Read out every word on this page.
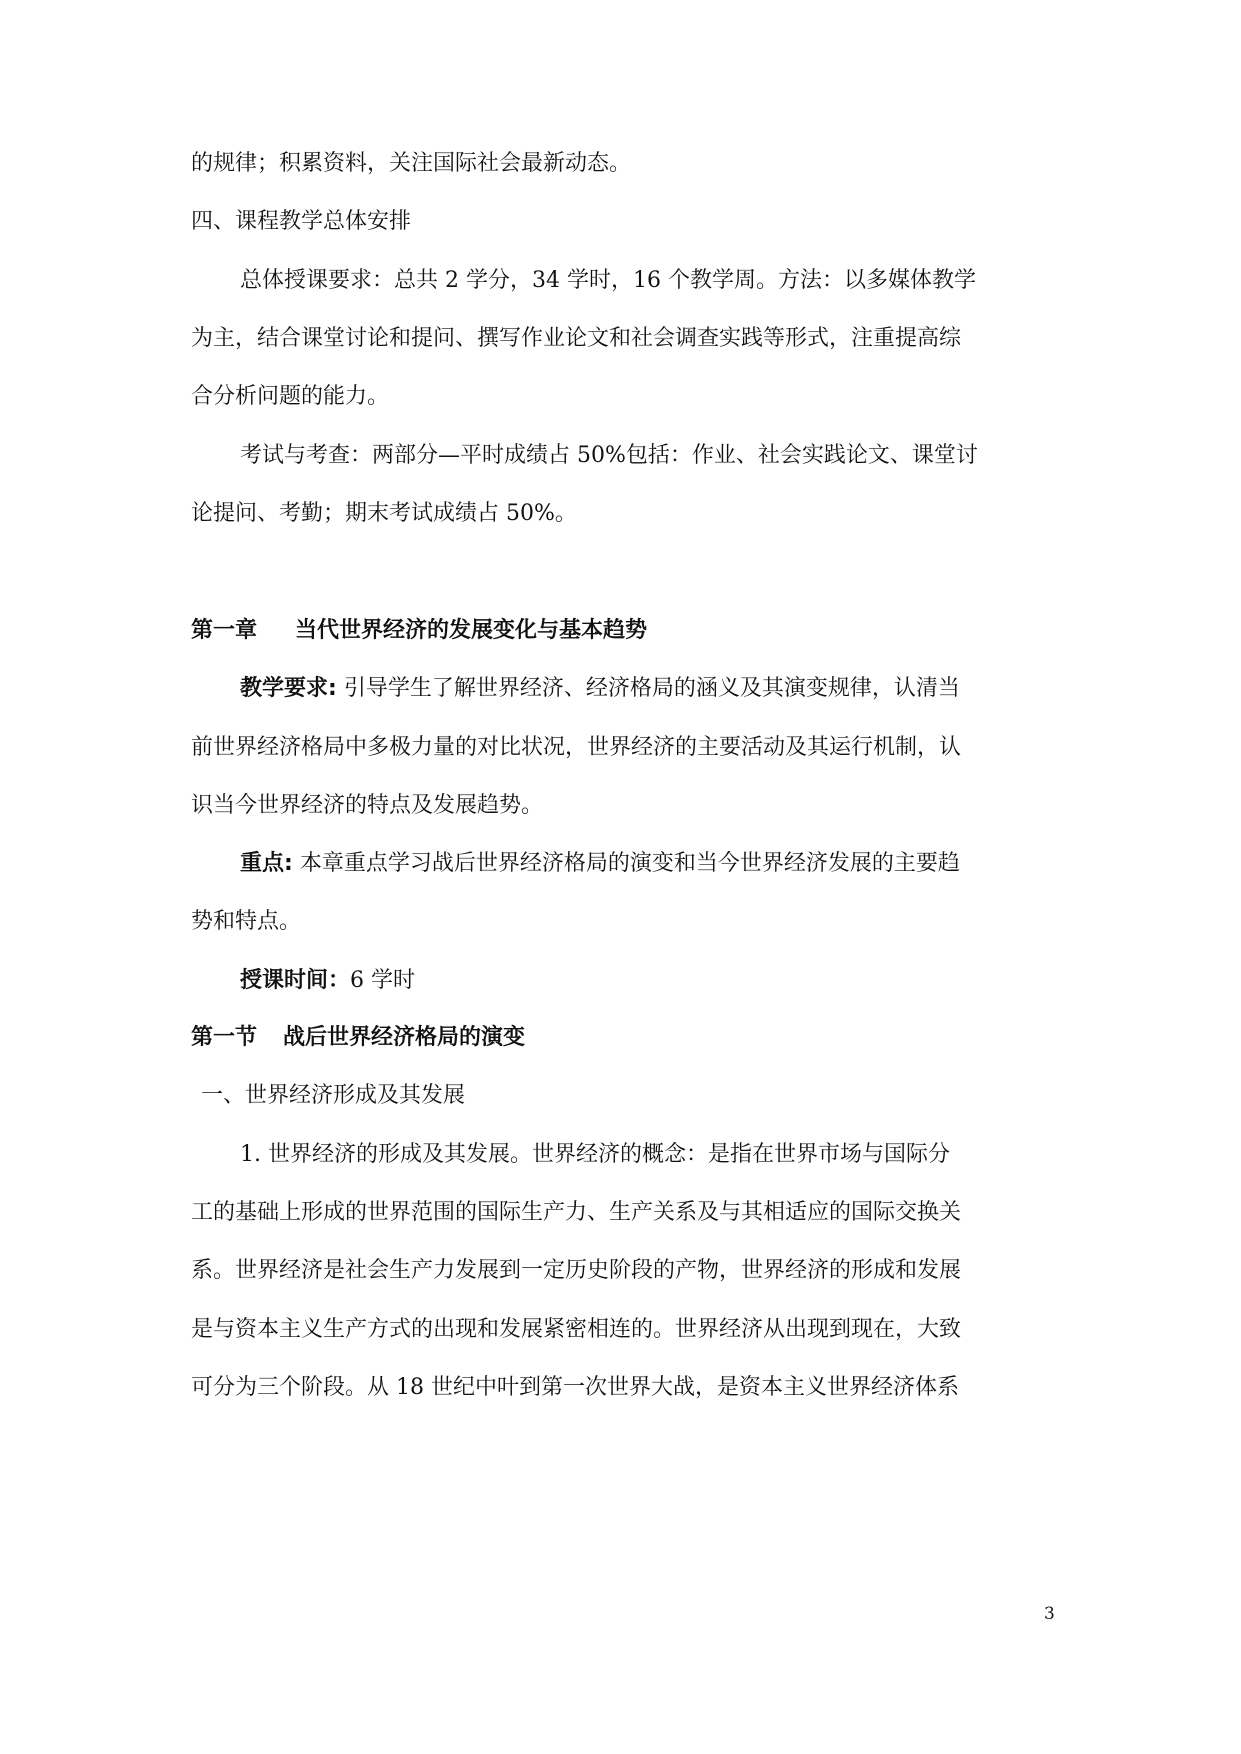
的规律；积累资料，关注国际社会最新动态。
四、课程教学总体安排
总体授课要求：总共 2 学分，34 学时，16 个教学周。方法：以多媒体教学
为主，结合课堂讨论和提问、撰写作业论文和社会调查实践等形式，注重提高综
合分析问题的能力。
考试与考查：两部分—平时成绩占 50%包括：作业、社会实践论文、课堂讨
论提问、考勤；期末考试成绩占 50%。
第一章 当代世界经济的发展变化与基本趋势
教学要求: 引导学生了解世界经济、经济格局的涵义及其演变规律，认清当
前世界经济格局中多极力量的对比状况，世界经济的主要活动及其运行机制，认
识当今世界经济的特点及发展趋势。
重点: 本章重点学习战后世界经济格局的演变和当今世界经济发展的主要趋
势和特点。
授课时间：6 学时
第一节 战后世界经济格局的演变
一、世界经济形成及其发展
1. 世界经济的形成及其发展。世界经济的概念：是指在世界市场与国际分
工的基础上形成的世界范围的国际生产力、生产关系及与其相适应的国际交换关
系。世界经济是社会生产力发展到一定历史阶段的产物，世界经济的形成和发展
是与资本主义生产方式的出现和发展紧密相连的。世界经济从出现到现在，大致
可分为三个阶段。从 18 世纪中叶到第一次世界大战，是资本主义世界经济体系
3
